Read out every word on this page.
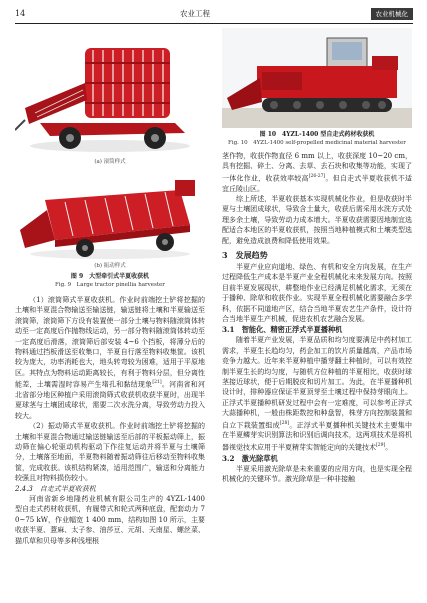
14	农业工程	农业机械化
(a) 滚筒样式
(b) 振动样式
图 9　大型牵引式半夏收获机
Fig. 9　Large tractor pinellia harvester

（1）滚筒筛式半夏收获机。作业时前端挖土铲将挖掘的土壤和半夏混合物输送至输送链，输送链将土壤和半夏输送至滚筒筛，滚筒筛下方设有装置使一部分土壤与物料随滚筒体转动至一定高度后作抛物线运动，另一部分物料随滚筒体转动至一定高度后滑落，滚筒筛后部安装 4~6 个挡板，将薄分后的物料通过挡板滑送至收集口，半夏自行落至物料收集筐。该机较为庞大，功率消耗也大，地头转弯较为困难，适用于平原地区。其特点为物料运动距离较长，有利于物料分层，但分离性能差，土壤需湿时容易产生堵孔和黏结现象[21]。河南省和河北省部分地区种植户采用滚筒筛式收获机收获半夏时，出现半夏球茎与土壤团成球状，需要二次水洗分离，导致劳动力投入较大。

（2）振动筛式半夏收获机。作业时前端挖土铲将挖掘的土壤和半夏混合物通过输送链输送至后部的平板振动筛上，振动筛在偏心轮驱动机构驱动下作往复运动并将半夏与土壤筛分，土壤落至地面，半夏物料随着振动筛往后移动至物料收集筐，完成收获。该机结构紧凑，适用范围广，输送和分离能力较强且对物料损伤较小。

2.4.3　自走式半夏收获机

河南省新乡地隆药业机械有限公司生产的 4YZL-1400 型自走式药材收获机，有履带式和轮式两种底盘，配套动力 70~75 kW，作业幅宽 1 400 mm，结构如图 10 所示，主要收获半夏、薏麻、太子参、油莎豆、元胡、天南星、螺丝菜、猫爪草和贝母等多种浅埋根

图 10　4YZL-1400 型自走式药材收获机
Fig. 10　4YZL-1400 self-propelled medicinal material harvester

茎作物，收获作物直径 6 mm 以上，收获深度 10~20 cm，具有挖掘、碎土、分离、去草、去石块和收集等功能，实现了一体化作业，收获效率较高[26-27]。但自走式半夏收获机不适宜丘陵山区。

综上所述，半夏收获基本实现机械化作业，但是收获时半夏与土壤团成球状，导致含土量大，收获后需采用水洗方式处理多余土壤，导致劳动力成本增大。半夏收获需要因地制宜选配适合本地区的半夏收获机，按照当地种植模式和土壤类型选配，避免造成浪费和降低使用效果。

3　发展趋势

半夏产业应向道地、绿色、有机和安全方向发展，在生产过程降低生产成本是半夏产业全程机械化未来发展方向。按照目前半夏发展现状，耕整地作业已经满足机械化需求，无须在于播种、除草和收获作业。实现半夏全程机械化需要融合多学科，依据不同道地产区，结合当地半夏农艺生产条件，设计符合当地半夏生产机械，促进农机农艺融合发展。

3.1　智能化、精密正浮式半夏播种机

随着半夏产业发展，半夏品质和均匀度要满足中药材加工需求，半夏生长趋均匀，药企加工的饮片质量越高，产品市场竞争力越大。近年来半夏种植中播芽翻土种植时，可以有效控制半夏生长的均匀度，与随机方位种植的半夏相比，收获时球茎接近球状，便于后期脱皮和切片加工。为此，在半夏播种机设计时，排种器应保证半夏顶芽至土壤过程中保持芽眼向上。正浮式半夏播种机研发过程中会有一定难度，可以参考正浮式大蒜播种机，一般由株距数控和种盘智，株芽方向控制装置和自立下栽装置组成[28]。正浮式半夏播种机关键技术主要集中在半夏鳞芽实识别算法和识别后调向技术，这两项技术是将机器视觉技术应用于半夏精芽实智能定向的关键技术[29]。

3.2　激光除草机

半夏采用激光除草是未来重要的应用方向，也是实现全程机械化的关键环节。激光除草是一种非接触
